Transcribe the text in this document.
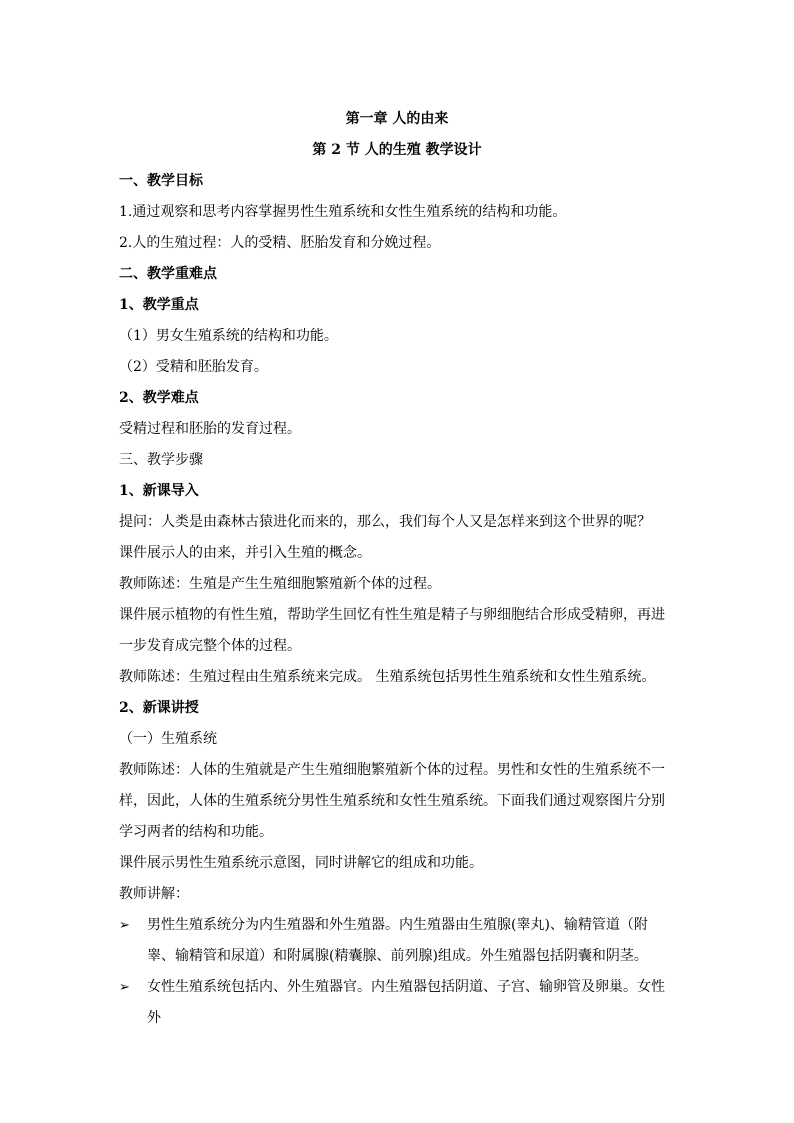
第一章 人的由来
第 2 节 人的生殖 教学设计
一、教学目标
1.通过观察和思考内容掌握男性生殖系统和女性生殖系统的结构和功能。
2.人的生殖过程：人的受精、胚胎发育和分娩过程。
二、教学重难点
1、教学重点
（1）男女生殖系统的结构和功能。
（2）受精和胚胎发育。
2、教学难点
受精过程和胚胎的发育过程。
三、教学步骤
1、新课导入
提问：人类是由森林古猿进化而来的，那么，我们每个人又是怎样来到这个世界的呢？
课件展示人的由来，并引入生殖的概念。
教师陈述：生殖是产生生殖细胞繁殖新个体的过程。
课件展示植物的有性生殖，帮助学生回忆有性生殖是精子与卵细胞结合形成受精卵，再进一步发育成完整个体的过程。
教师陈述：生殖过程由生殖系统来完成。 生殖系统包括男性生殖系统和女性生殖系统。
2、新课讲授
（一）生殖系统
教师陈述：人体的生殖就是产生生殖细胞繁殖新个体的过程。男性和女性的生殖系统不一样，因此，人体的生殖系统分男性生殖系统和女性生殖系统。下面我们通过观察图片分别学习两者的结构和功能。
课件展示男性生殖系统示意图，同时讲解它的组成和功能。
教师讲解：
➢ 男性生殖系统分为内生殖器和外生殖器。内生殖器由生殖腺(睾丸)、输精管道（附睾、输精管和尿道）和附属腺(精囊腺、前列腺)组成。外生殖器包括阴囊和阴茎。
➢ 女性生殖系统包括内、外生殖器官。内生殖器包括阴道、子宫、输卵管及卵巢。女性外
